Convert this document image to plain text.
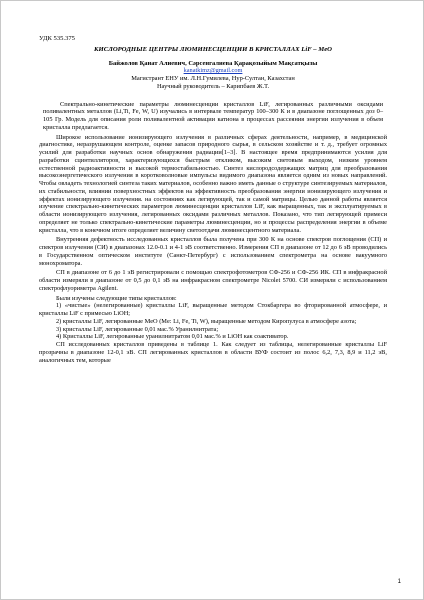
УДК 535.375
КИСЛОРОДНЫЕ ЦЕНТРЫ ЛЮМИНЕСЦЕНЦИИ В КРИСТАЛЛАХ LiF – MeO
Байжолов Қанат Алиевич, Сәрсенгалиева Қарақозыйым Мақсатқызы
kanatkimz@gmail.com
Магистрант ЕНУ им. Л.Н.Гумилева, Нур-Султан, Казахстан
Научный руководитель – Карипбаев Ж.Т.

Спектрально-кинетические параметры люминесценции кристаллов LiF, легированных различными оксидами поливалентных металлов (Li,Ti, Fe, W, U) изучались в интервале температур 100–300 К и в диапазоне поглощенных доз 0–105 Гр. Модель для описания роли поливалентной активации катиона в процессах рассеяния энергии излучения в объем кристалла предлагается.

Широкое использование ионизирующего излучения в различных сферах деятельности, например, в медицинской диагностике, неразрушающем контроле, оценке запасов природного сырья, в сельском хозяйстве и т. д., требует огромных усилий для разработки научных основ обнаружения радиации[1–3]. В настоящее время предпринимаются усилия для разработки сцинтилляторов, характеризующихся быстрым откликом, высоким световым выходом, низким уровнем естественной радиоактивности и высокой термостабильностью. Синтез кислородсодержащих матриц для преобразования высокоэнергетического излучения в коротковолновые импульсы видимого диапазона является одним из новых направлений. Чтобы овладеть технологией синтеза таких материалов, особенно важно иметь данные о структуре синтезируемых материалов, их стабильности, влиянии поверхностных эффектов на эффективность преобразования энергии ионизирующего излучения и эффектах ионизирующего излучения. на состояниях как легирующей, так и самой матрицы. Целью данной работы является изучение спектрально-кинетических параметров люминесценции кристаллов LiF, как выращенных, так и эксплуатируемых в области ионизирующего излучения, легированных оксидами различных металлов. Показано, что тип легирующей примеси определяет не только спектрально-кинетические параметры люминесценции, но и процессы распределения энергии в объеме кристалла, что в конечном итоге определяет величину светоотдачи люминесцентного материала.

Внутренняя дефектность исследованных кристаллов была получена при 300 К на основе спектров поглощения (СП) и спектров излучения (СИ) в диапазонах 12.0-0.1 и 4-1 эВ соответственно. Измерения СП в диапазоне от 12 до 6 эВ проводились в Государственном оптическом институте (Санкт-Петербург) с использованием спектрометра на основе вакуумного монохроматора.

СП в диапазоне от 6 до 1 эВ регистрировали с помощью спектрофотометров СФ-256 и СФ-256 ИК. СП в инфракрасной области измеряли в диапазоне от 0,5 до 0,1 эВ на инфракрасном спектрометре Nicolet 5700. СИ измеряли с использованием спектрофлуориметра Agilent.

Были изучены следующие типы кристаллов:

1) «чистые» (нелегированные) кристаллы LiF, выращенные методом Стокбаргера во фторированной атмосфере, и кристаллы LiF с примесью LiOH;
2) кристаллы LiF, легированные MeO (Me: Li, Fe, Ti, W), выращенные методом Киропулуса в атмосфере азота;
3) кристаллы LiF, легированные 0,01 мас.% Уранилнитрата;
4) Кристаллы LiF, легированные уранилнитратом 0,01 мас.% и LiOH как соактиватор.

СП исследованных кристаллов приведены в таблице 1. Как следует из таблицы, нелегированные кристаллы LiF прозрачны в диапазоне 12-0,1 эВ. СП легированных кристаллов в области ВУФ состоит из полос 6,2, 7,3, 8,9 и 11,2 эВ, аналогичных тем, которые

1
